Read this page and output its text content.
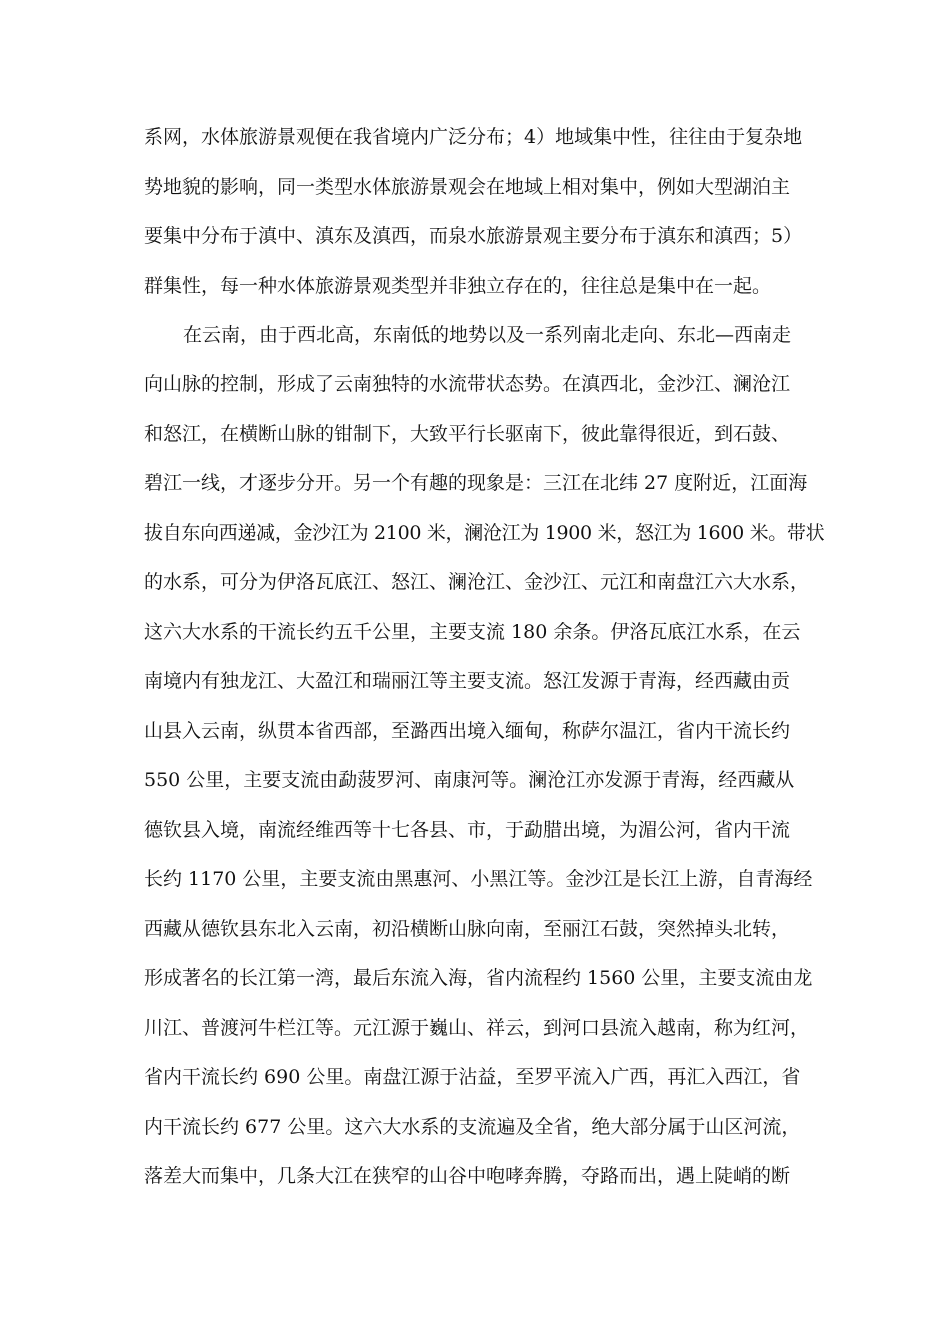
系网，水体旅游景观便在我省境内广泛分布；4）地域集中性，往往由于复杂地
势地貌的影响，同一类型水体旅游景观会在地域上相对集中，例如大型湖泊主
要集中分布于滇中、滇东及滇西，而泉水旅游景观主要分布于滇东和滇西；5）
群集性，每一种水体旅游景观类型并非独立存在的，往往总是集中在一起。
在云南，由于西北高，东南低的地势以及一系列南北走向、东北—西南走
向山脉的控制，形成了云南独特的水流带状态势。在滇西北，金沙江、澜沧江
和怒江，在横断山脉的钳制下，大致平行长驱南下，彼此靠得很近，到石鼓、
碧江一线，才逐步分开。另一个有趣的现象是：三江在北纬 27 度附近，江面海
拔自东向西递减，金沙江为 2100 米，澜沧江为 1900 米，怒江为 1600 米。带状
的水系，可分为伊洛瓦底江、怒江、澜沧江、金沙江、元江和南盘江六大水系，
这六大水系的干流长约五千公里，主要支流 180 余条。伊洛瓦底江水系，在云
南境内有独龙江、大盈江和瑞丽江等主要支流。怒江发源于青海，经西藏由贡
山县入云南，纵贯本省西部，至潞西出境入缅甸，称萨尔温江，省内干流长约
550 公里，主要支流由勐菠罗河、南康河等。澜沧江亦发源于青海，经西藏从
德钦县入境，南流经维西等十七各县、市，于勐腊出境，为湄公河，省内干流
长约 1170 公里，主要支流由黑惠河、小黑江等。金沙江是长江上游，自青海经
西藏从德钦县东北入云南，初沿横断山脉向南，至丽江石鼓，突然掉头北转，
形成著名的长江第一湾，最后东流入海，省内流程约 1560 公里，主要支流由龙
川江、普渡河牛栏江等。元江源于巍山、祥云，到河口县流入越南，称为红河，
省内干流长约 690 公里。南盘江源于沾益，至罗平流入广西，再汇入西江，省
内干流长约 677 公里。这六大水系的支流遍及全省，绝大部分属于山区河流，
落差大而集中，几条大江在狭窄的山谷中咆哮奔腾，夺路而出，遇上陡峭的断
